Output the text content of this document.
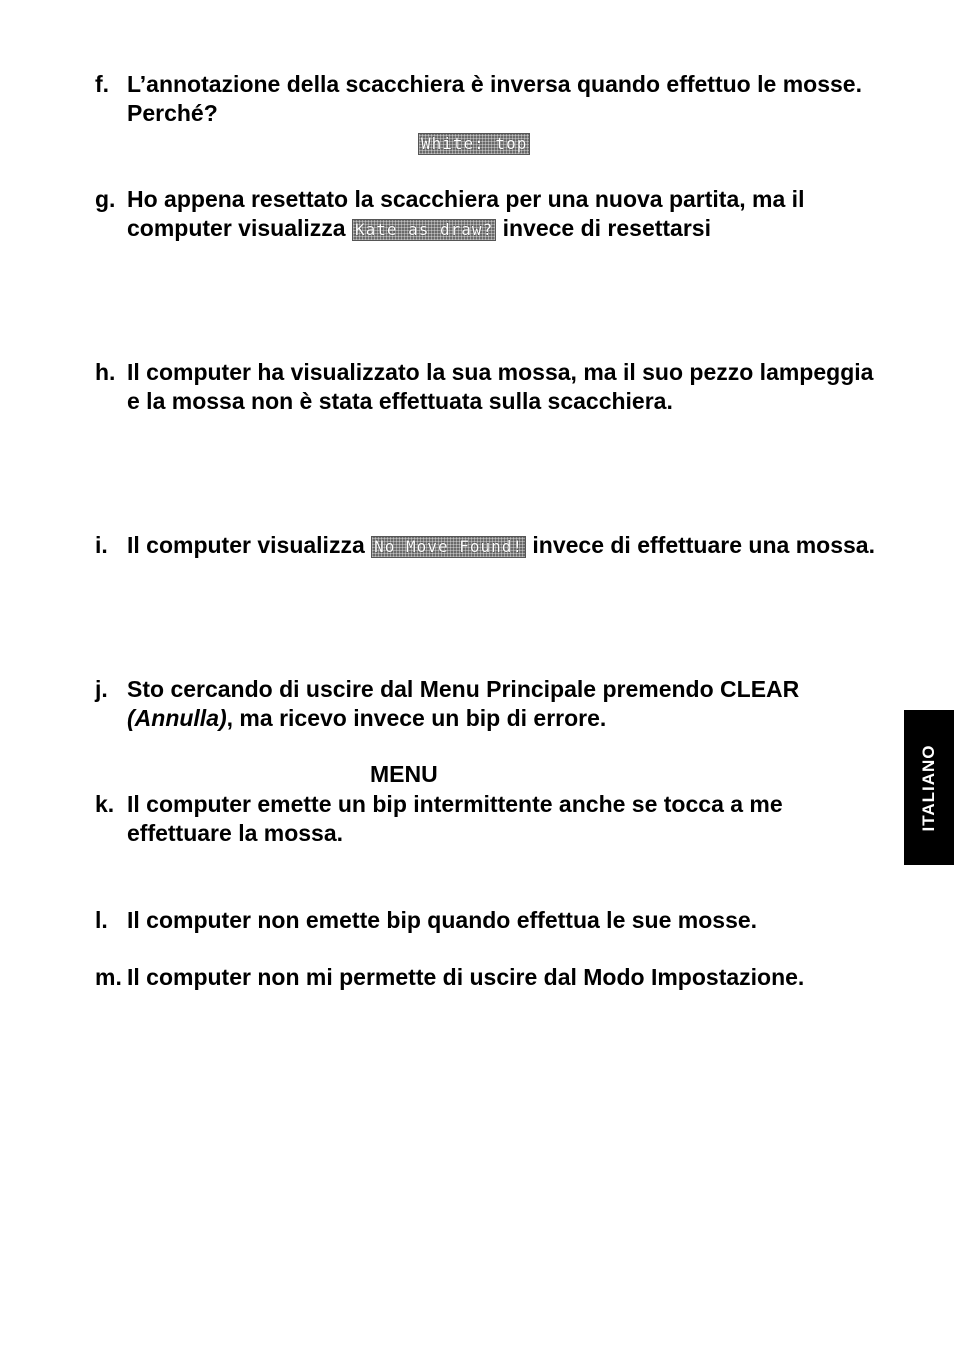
f. L’annotazione della scacchiera è inversa quando effettuo le mosse. Perché?
White: top
g. Ho appena resettato la scacchiera per una nuova partita, ma il computer visualizza Kate as draw? invece di resettarsi
h. Il computer ha visualizzato la sua mossa, ma il suo pezzo lampeggia e la mossa non è stata effettuata sulla scacchiera.
i. Il computer visualizza No Move Found! invece di effettuare una mossa.
j. Sto cercando di uscire dal Menu Principale premendo CLEAR (Annulla), ma ricevo invece un bip di errore.
MENU
k. Il computer emette un bip intermittente anche se tocca a me effettuare la mossa.
l. Il computer non emette bip quando effettua le sue mosse.
m. Il computer non mi permette di uscire dal Modo Impostazione.
ITALIANO
